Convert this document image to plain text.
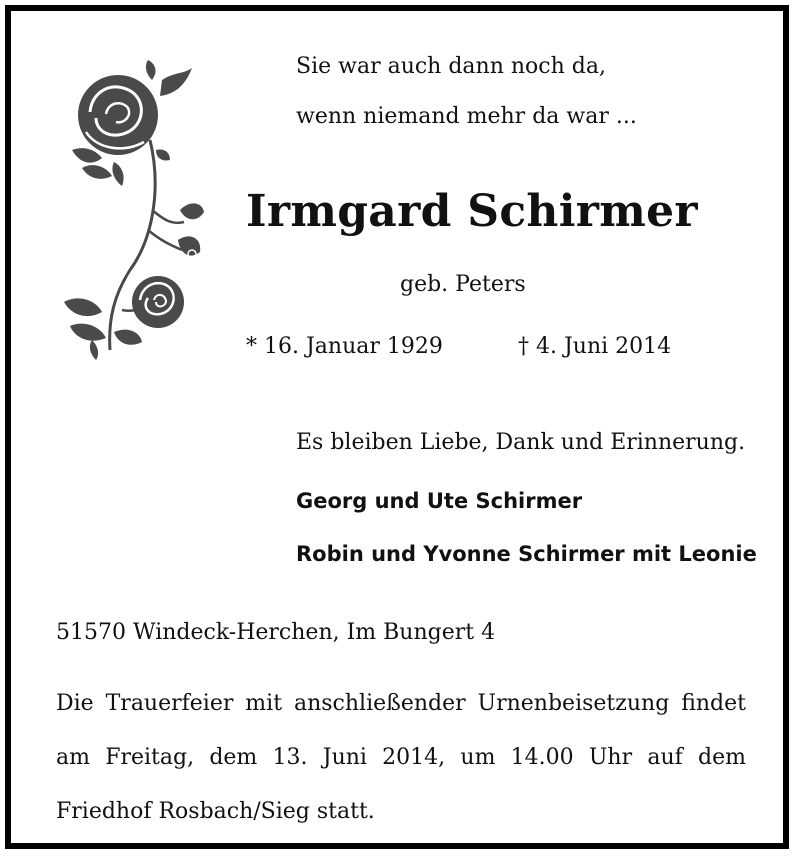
Sie war auch dann noch da,
wenn niemand mehr da war ...
Irmgard Schirmer
geb. Peters
* 16. Januar 1929	† 4. Juni 2014
Es bleiben Liebe, Dank und Erinnerung.
Georg und Ute Schirmer
Robin und Yvonne Schirmer mit Leonie
51570 Windeck-Herchen, Im Bungert 4
Die Trauerfeier mit anschließender Urnenbeisetzung findet am Freitag, dem 13. Juni 2014, um 14.00 Uhr auf dem Friedhof Rosbach/Sieg statt.
